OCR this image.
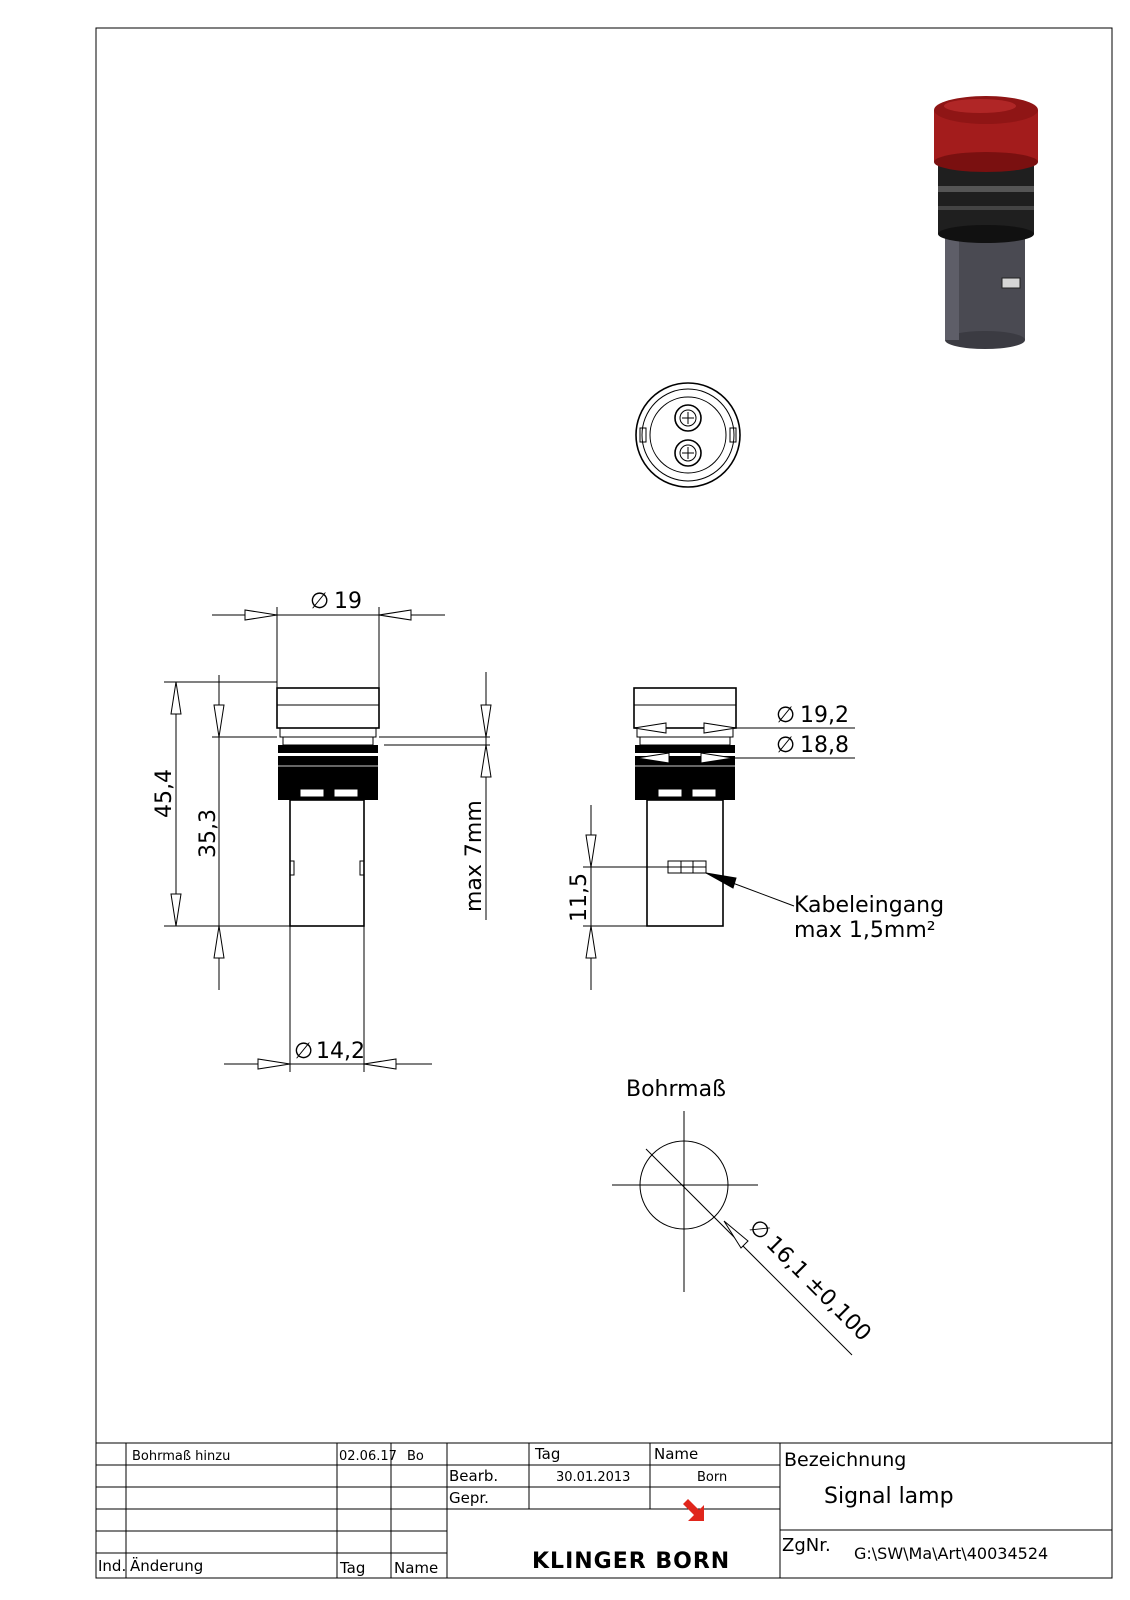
∅ 19
45,4
35,3	max 7mm
∅ 14,2
∅ 19,2
∅ 18,8
11,5	Kabeleingang
max 1,5mm²
Bohrmaß
∅
16,1 ±0,100
Bohrmaß hinzu	02.06.17 Bo
Ind. Änderung	Tag Name
Tag	Name
Bearb.	30.01.2013	Born
Gepr.
KLINGER BORN
Bezeichnung
Signal lamp
ZgNr. G:\SW\Ma\Art\40034524
